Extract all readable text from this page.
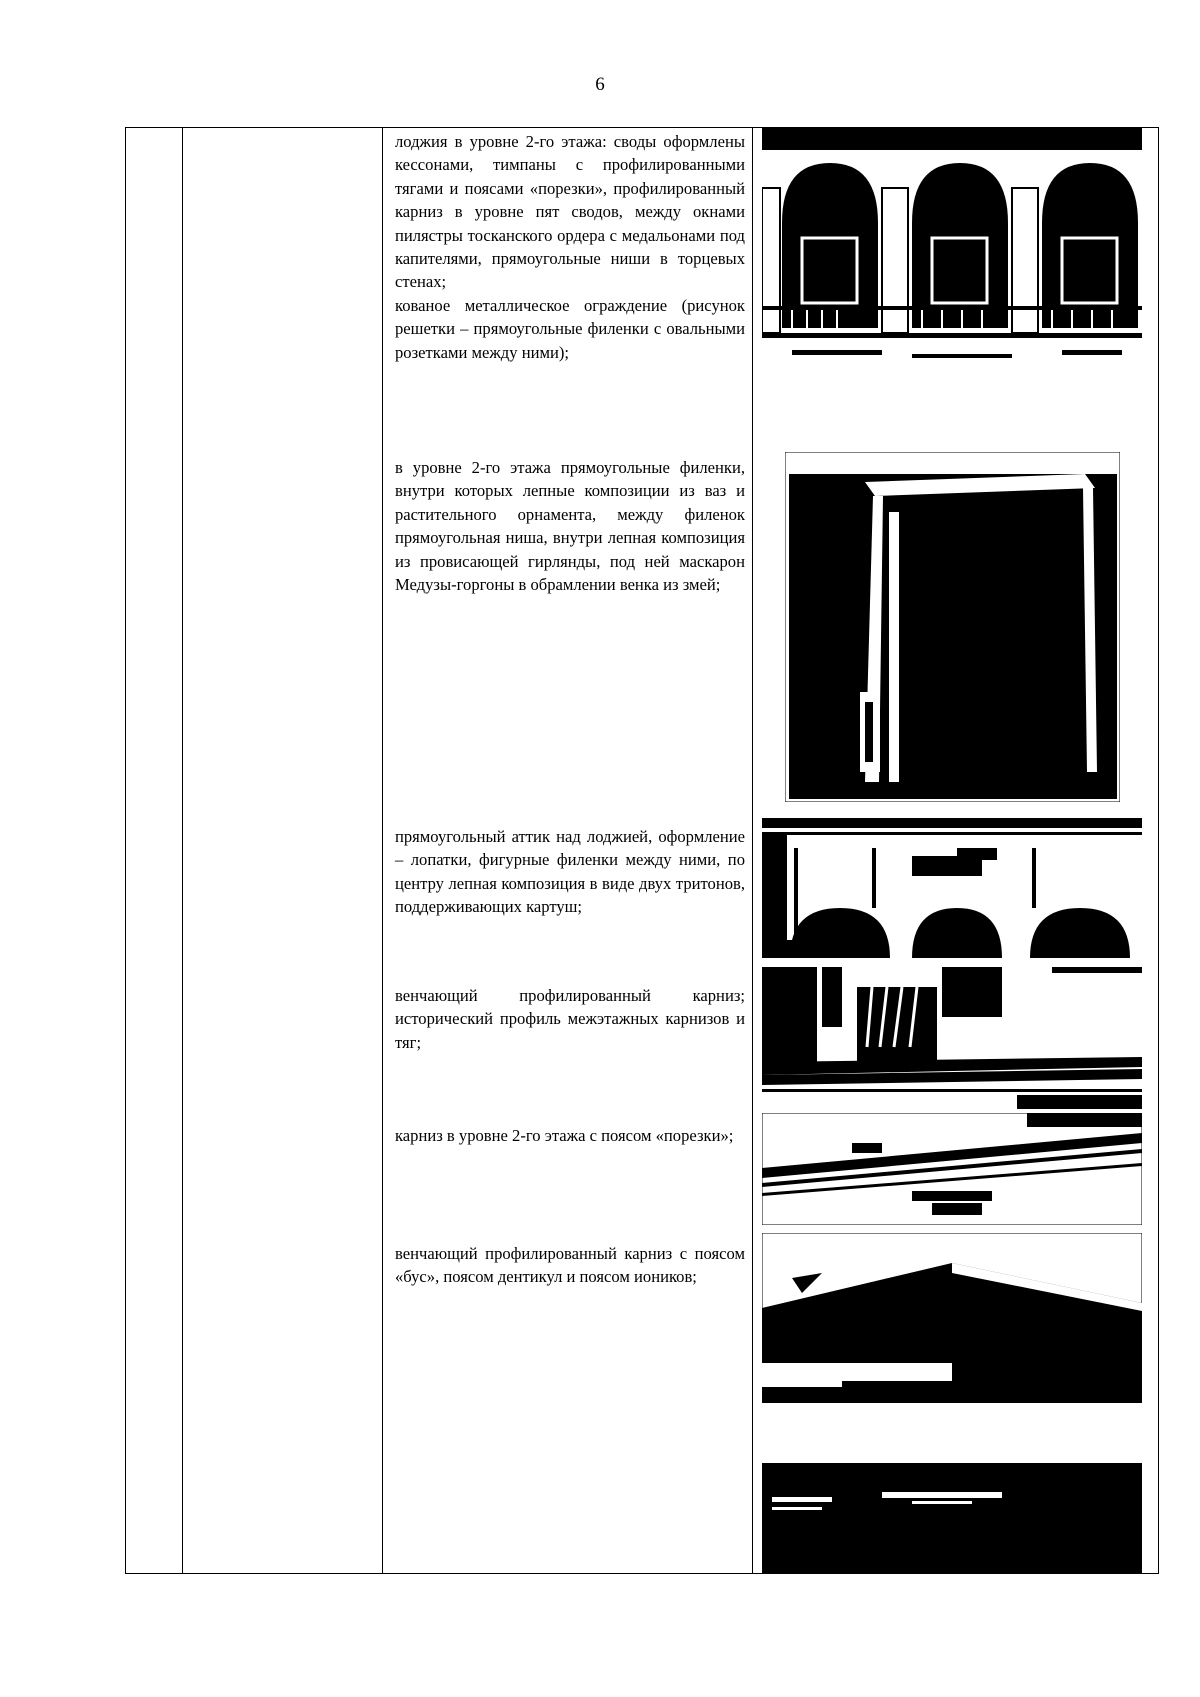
6

лоджия в уровне 2-го этажа: своды оформлены кессонами, тимпаны с профилированными тягами и поясами «порезки», профилированный карниз в уровне пят сводов, между окнами пилястры тосканского ордера с медальонами под капителями, прямоугольные ниши в торцевых стенах;

кованое металлическое ограждение (рисунок решетки – прямоугольные филенки с овальными розетками между ними);

в уровне 2-го этажа прямоугольные филенки, внутри которых лепные композиции из ваз и растительного орнамента, между филенок прямоугольная ниша, внутри лепная композиция из провисающей гирлянды, под ней маскарон Медузы-горгоны в обрамлении венка из змей;

прямоугольный аттик над лоджией, оформление – лопатки, фигурные филенки между ними, по центру лепная композиция в виде двух тритонов, поддерживающих картуш;

венчающий профилированный карниз; исторический профиль межэтажных карнизов и тяг;

карниз в уровне 2-го этажа с поясом «порезки»;

венчающий профилированный карниз с поясом «бус», поясом дентикул и поясом иоников;
